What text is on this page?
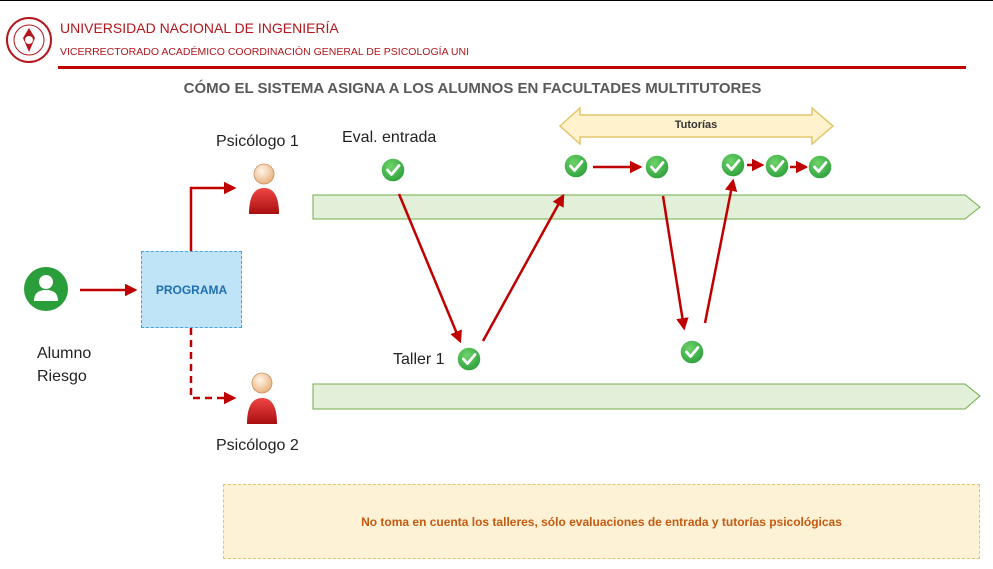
UNIVERSIDAD NACIONAL DE INGENIERÍA
VICERRECTORADO ACADÉMICO COORDINACIÓN GENERAL DE PSICOLOGÍA UNI
CÓMO EL SISTEMA ASIGNA A LOS ALUMNOS EN FACULTADES MULTITUTORES
Tutorías
PROGRAMA
Psicólogo 1
Psicólogo 2
Eval. entrada
Taller 1
Alumno
Riesgo
No toma en cuenta los talleres, sólo evaluaciones de entrada y tutorías psicológicas
